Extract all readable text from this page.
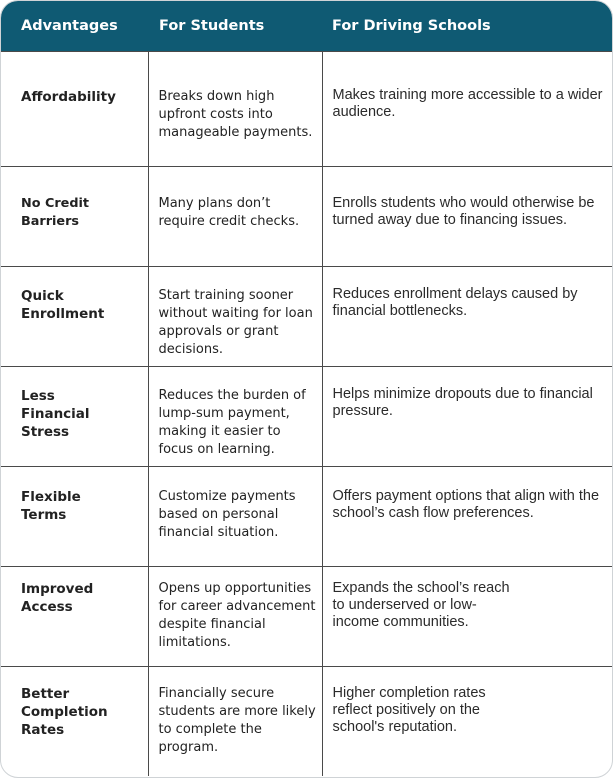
Advantages	For Students	For Driving Schools
Affordability	Breaks down high upfront costs into manageable payments.	Makes training more accessible to a wider audience.
No Credit Barriers	Many plans don’t require credit checks.	Enrolls students who would otherwise be turned away due to financing issues.
Quick Enrollment	Start training sooner without waiting for loan approvals or grant decisions.	Reduces enrollment delays caused by financial bottlenecks.
Less Financial Stress	Reduces the burden of lump-sum payment, making it easier to focus on learning.	Helps minimize dropouts due to financial pressure.
Flexible Terms	Customize payments based on personal financial situation.	Offers payment options that align with the school’s cash flow preferences.
Improved Access	Opens up opportunities for career advancement despite financial limitations.	Expands the school’s reach to underserved or low-income communities.
Better Completion Rates	Financially secure students are more likely to complete the program.	Higher completion rates reflect positively on the school's reputation.
